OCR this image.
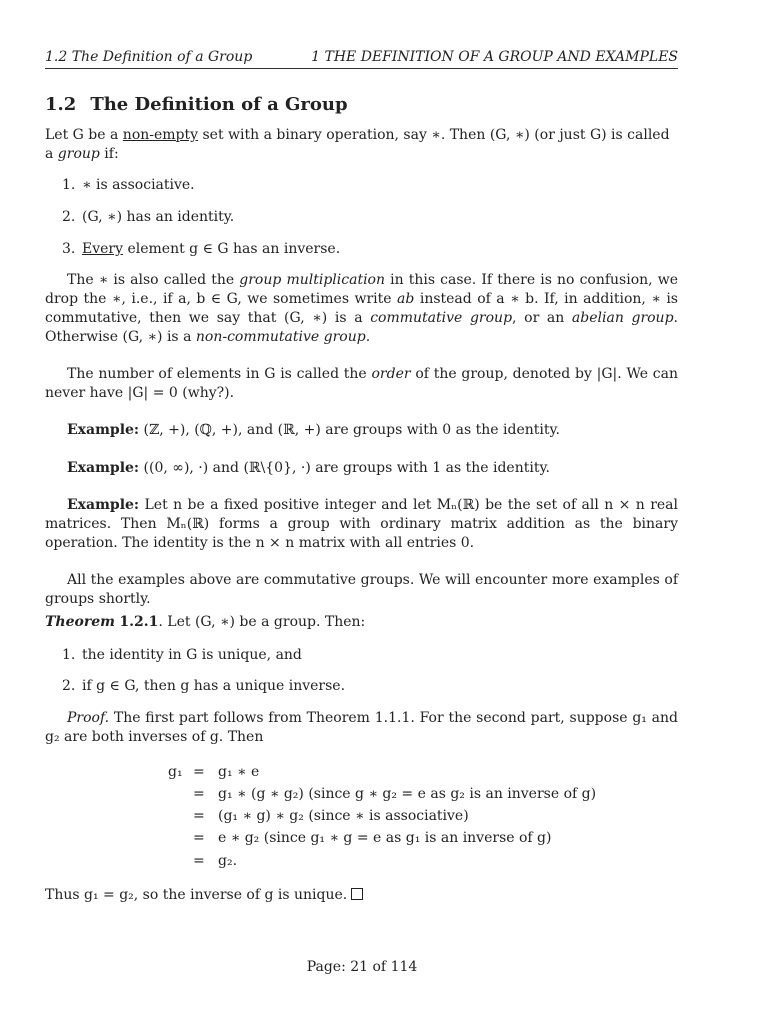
1.2 The Definition of a Group	1 THE DEFINITION OF A GROUP AND EXAMPLES
1.2 The Definition of a Group
Let G be a non-empty set with a binary operation, say ∗. Then (G, ∗) (or just G) is called a group if:
1. ∗ is associative.
2. (G, ∗) has an identity.
3. Every element g ∈ G has an inverse.
The ∗ is also called the group multiplication in this case. If there is no confusion, we drop the ∗, i.e., if a, b ∈ G, we sometimes write ab instead of a ∗ b. If, in addition, ∗ is commutative, then we say that (G, ∗) is a commutative group, or an abelian group. Otherwise (G, ∗) is a non-commutative group.
The number of elements in G is called the order of the group, denoted by |G|. We can never have |G| = 0 (why?).
Example: (ℤ, +), (ℚ, +), and (ℝ, +) are groups with 0 as the identity.
Example: ((0, ∞), ·) and (ℝ\{0}, ·) are groups with 1 as the identity.
Example: Let n be a fixed positive integer and let Mₙ(ℝ) be the set of all n × n real matrices. Then Mₙ(ℝ) forms a group with ordinary matrix addition as the binary operation. The identity is the n × n matrix with all entries 0.
All the examples above are commutative groups. We will encounter more examples of groups shortly.
Theorem 1.2.1. Let (G, ∗) be a group. Then:
1. the identity in G is unique, and
2. if g ∈ G, then g has a unique inverse.
Proof. The first part follows from Theorem 1.1.1. For the second part, suppose g₁ and g₂ are both inverses of g. Then
g₁ = g₁ ∗ e
= g₁ ∗ (g ∗ g₂) (since g ∗ g₂ = e as g₂ is an inverse of g)
= (g₁ ∗ g) ∗ g₂ (since ∗ is associative)
= e ∗ g₂ (since g₁ ∗ g = e as g₁ is an inverse of g)
= g₂.
Thus g₁ = g₂, so the inverse of g is unique.
Page: 21 of 114
